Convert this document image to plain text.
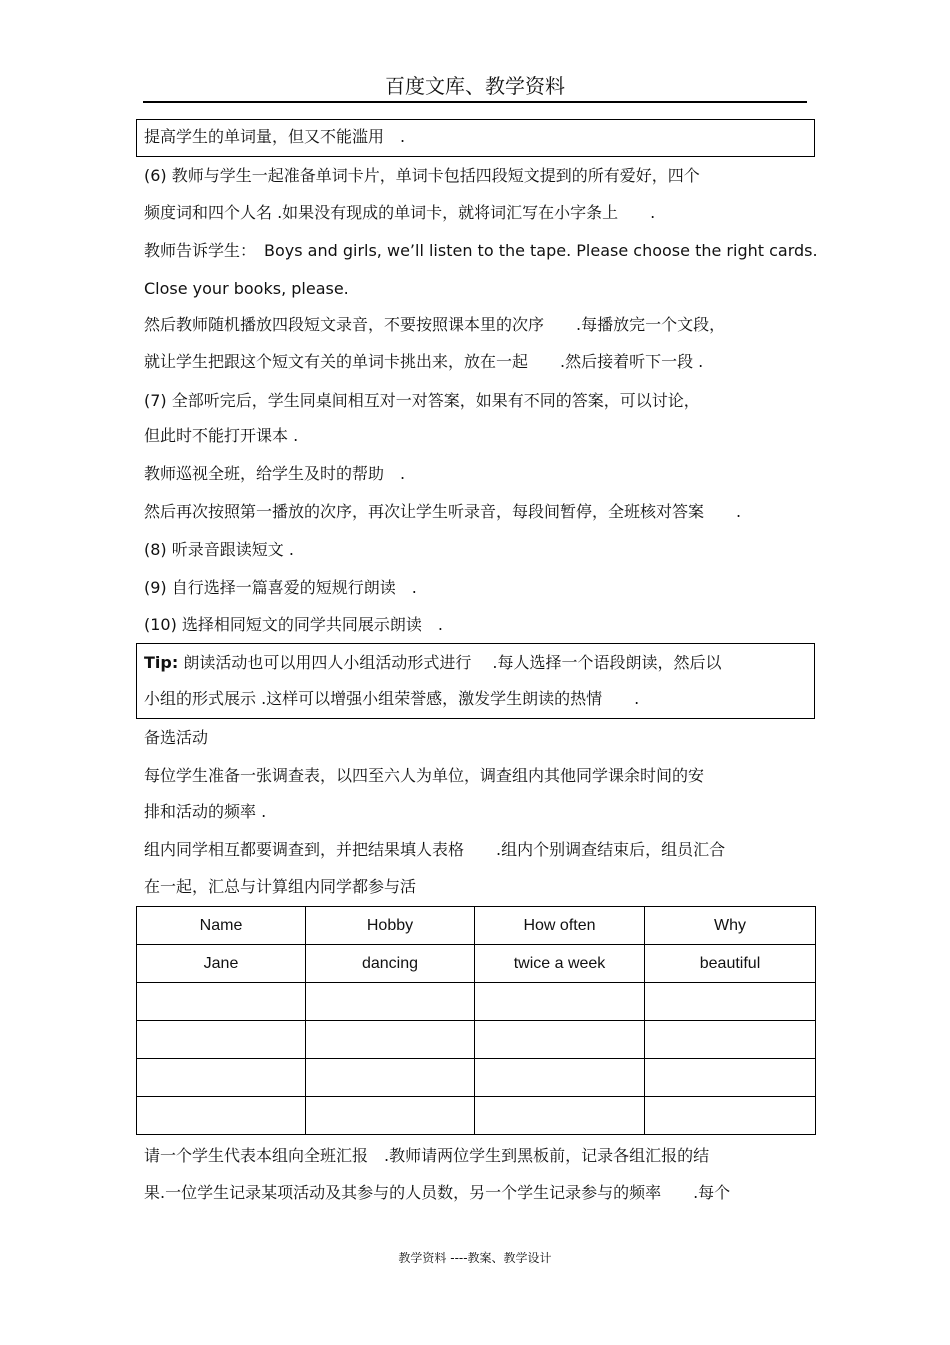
百度文库、教学资料
提高学生的单词量，但又不能滥用　.
(6) 教师与学生一起准备单词卡片，单词卡包括四段短文提到的所有爱好，四个
频度词和四个人名 .如果没有现成的单词卡，就将词汇写在小字条上　　.
教师告诉学生：　Boys and girls, we’ll listen to the tape. Please choose the right cards.
Close your books, please.
然后教师随机播放四段短文录音，不要按照课本里的次序　　.每播放完一个文段，
就让学生把跟这个短文有关的单词卡挑出来，放在一起　　.然后接着听下一段 .
(7) 全部听完后，学生同桌间相互对一对答案，如果有不同的答案，可以讨论，
但此时不能打开课本 .
教师巡视全班，给学生及时的帮助　.
然后再次按照第一播放的次序，再次让学生听录音，每段间暂停，全班核对答案　　.
(8) 听录音跟读短文 .
(9) 自行选择一篇喜爱的短规行朗读　.
(10) 选择相同短文的同学共同展示朗读　.
Tip: 朗读活动也可以用四人小组活动形式进行　 .每人选择一个语段朗读，然后以
小组的形式展示 .这样可以增强小组荣誉感，激发学生朗读的热情　　.
备选活动
每位学生准备一张调查表，以四至六人为单位，调查组内其他同学课余时间的安
排和活动的频率 .
组内同学相互都要调查到，并把结果填人表格　　.组内个别调查结束后，组员汇合
在一起，汇总与计算组内同学都参与活
Name	Hobby	How often	Why
Jane	dancing	twice a week	beautiful

请一个学生代表本组向全班汇报　.教师请两位学生到黑板前，记录各组汇报的结
果.一位学生记录某项活动及其参与的人员数，另一个学生记录参与的频率　　.每个
教学资料 ----教案、教学设计
